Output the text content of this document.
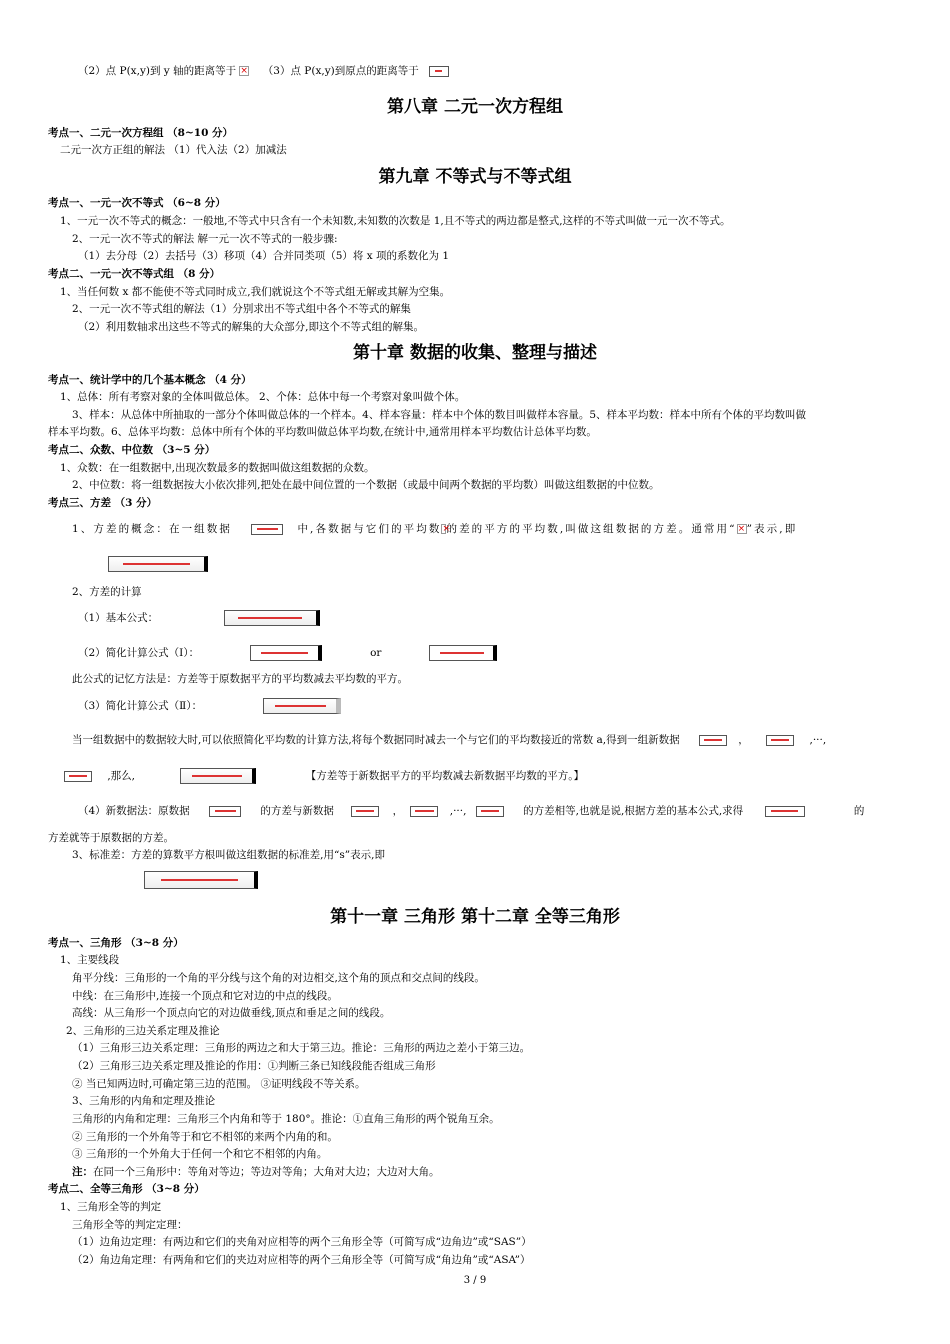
（2）点 P(x,y)到 y 轴的距离等于 ×	（3）点 P(x,y)到原点的距离等于
第八章 二元一次方程组
考点一、二元一次方程组 （8~10 分）
二元一次方正组的解法 （1）代入法（2）加减法
第九章 不等式与不等式组
考点一、一元一次不等式 （6~8 分）
1、一元一次不等式的概念：一般地,不等式中只含有一个未知数,未知数的次数是 1,且不等式的两边都是整式,这样的不等式叫做一元一次不等式。
2、一元一次不等式的解法 解一元一次不等式的一般步骤:
（1）去分母（2）去括号（3）移项（4）合并同类项（5）将 x 项的系数化为 1
考点二、一元一次不等式组 （8 分）
1、当任何数 x 都不能使不等式同时成立,我们就说这个不等式组无解或其解为空集。
2、一元一次不等式组的解法（1）分别求出不等式组中各个不等式的解集
（2）利用数轴求出这些不等式的解集的大众部分,即这个不等式组的解集。
第十章 数据的收集、整理与描述
考点一、统计学中的几个基本概念 （4 分）
1、总体：所有考察对象的全体叫做总体。 2、个体：总体中每一个考察对象叫做个体。
3、样本：从总体中所抽取的一部分个体叫做总体的一个样本。4、样本容量：样本中个体的数目叫做样本容量。5、样本平均数：样本中所有个体的平均数叫做
样本平均数。6、总体平均数：总体中所有个体的平均数叫做总体平均数,在统计中,通常用样本平均数估计总体平均数。
考点二、众数、中位数 （3~5 分）
1、众数：在一组数据中,出现次数最多的数据叫做这组数据的众数。
2、中位数：将一组数据按大小依次排列,把处在最中间位置的一个数据（或最中间两个数据的平均数）叫做这组数据的中位数。
考点三、方差 （3 分）
1、方差的概念：在一组数据	中,各数据与它们的平均数 × 的差的平方的平均数,叫做这组数据的方差。通常用“ × ”表示,即
2、方差的计算
（1）基本公式：
（2）简化计算公式（Ⅰ）：	or
此公式的记忆方法是：方差等于原数据平方的平均数减去平均数的平方。
（3）简化计算公式（Ⅱ）：
当一组数据中的数据较大时,可以依照简化平均数的计算方法,将每个数据同时减去一个与它们的平均数接近的常数 a,得到一组新数据	，	,···,
,那么,	【方差等于新数据平方的平均数减去新数据平均数的平方。】
（4）新数据法：原数据	的方差与新数据	，	,···,	的方差相等,也就是说,根据方差的基本公式,求得	的
方差就等于原数据的方差。
3、标准差：方差的算数平方根叫做这组数据的标准差,用“s”表示,即
第十一章 三角形 第十二章 全等三角形
考点一、三角形 （3~8 分）
1、主要线段
角平分线：三角形的一个角的平分线与这个角的对边相交,这个角的顶点和交点间的线段。
中线：在三角形中,连接一个顶点和它对边的中点的线段。
高线：从三角形一个顶点向它的对边做垂线,顶点和垂足之间的线段。
2、三角形的三边关系定理及推论
（1）三角形三边关系定理：三角形的两边之和大于第三边。推论：三角形的两边之差小于第三边。
（2）三角形三边关系定理及推论的作用：①判断三条已知线段能否组成三角形
② 当已知两边时,可确定第三边的范围。 ③证明线段不等关系。
3、三角形的内角和定理及推论
三角形的内角和定理：三角形三个内角和等于 180°。推论：①直角三角形的两个锐角互余。
② 三角形的一个外角等于和它不相邻的来两个内角的和。
③ 三角形的一个外角大于任何一个和它不相邻的内角。
注：在同一个三角形中：等角对等边；等边对等角；大角对大边；大边对大角。
考点二、全等三角形 （3~8 分）
1、三角形全等的判定
三角形全等的判定定理：
（1）边角边定理：有两边和它们的夹角对应相等的两个三角形全等（可简写成“边角边”或“SAS”）
（2）角边角定理：有两角和它们的夹边对应相等的两个三角形全等（可简写成“角边角”或“ASA”）
3 / 9
